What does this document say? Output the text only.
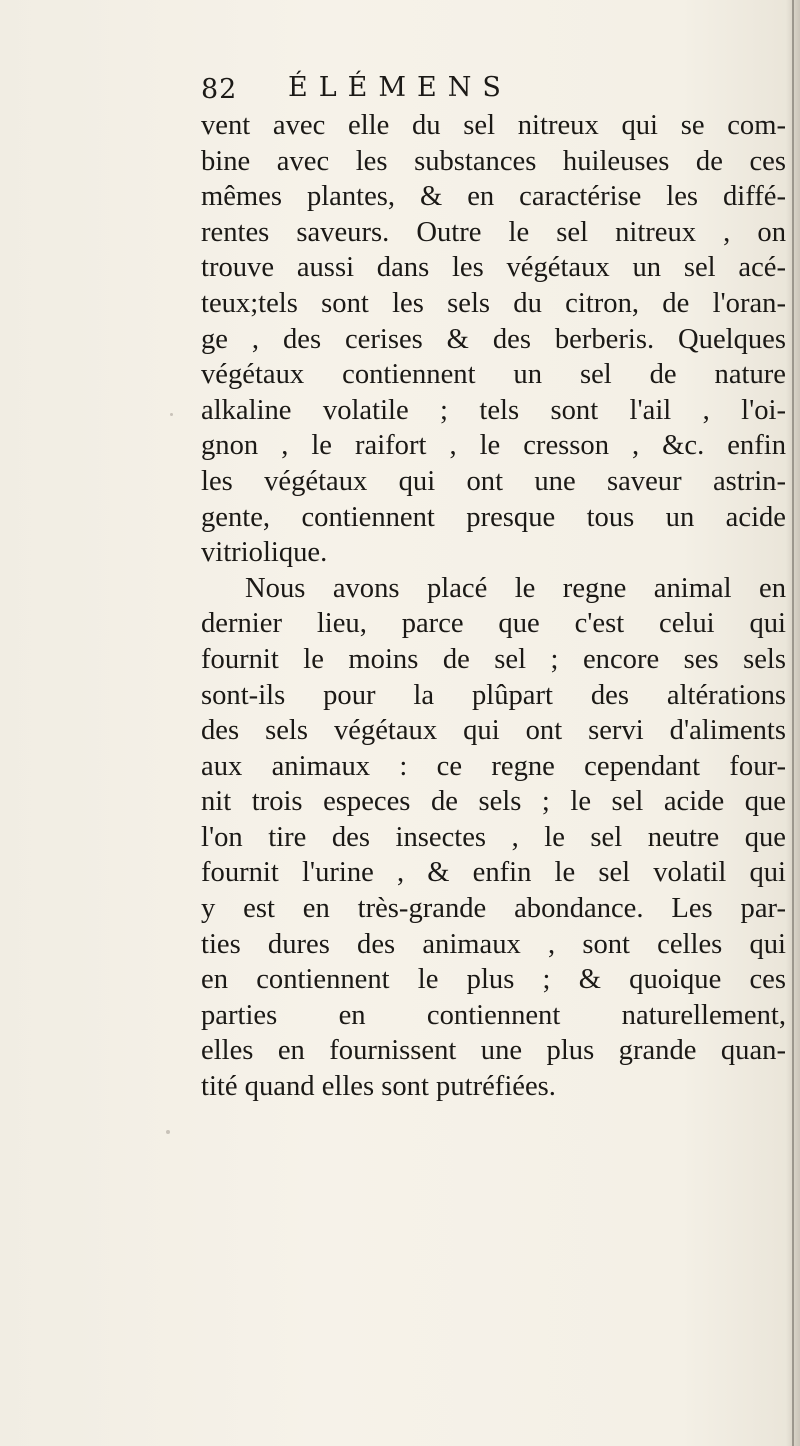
82 ÉLÉMENS
vent avec elle du sel nitreux qui se com-
bine avec les substances huileuses de ces
mêmes plantes, & en caractérise les diffé-
rentes saveurs. Outre le sel nitreux , on
trouve aussi dans les végétaux un sel acé-
teux;tels sont les sels du citron, de l'oran-
ge , des cerises & des berberis. Quelques
végétaux contiennent un sel de nature
alkaline volatile ; tels sont l'ail , l'oi-
gnon , le raifort , le cresson , &c. enfin
les végétaux qui ont une saveur astrin-
gente, contiennent presque tous un acide
vitriolique.
Nous avons placé le regne animal en
dernier lieu, parce que c'est celui qui
fournit le moins de sel ; encore ses sels
sont-ils pour la plûpart des altérations
des sels végétaux qui ont servi d'aliments
aux animaux : ce regne cependant four-
nit trois especes de sels ; le sel acide que
l'on tire des insectes , le sel neutre que
fournit l'urine , & enfin le sel volatil qui
y est en très-grande abondance. Les par-
ties dures des animaux , sont celles qui
en contiennent le plus ; & quoique ces
parties en contiennent naturellement,
elles en fournissent une plus grande quan-
tité quand elles sont putréfiées.
